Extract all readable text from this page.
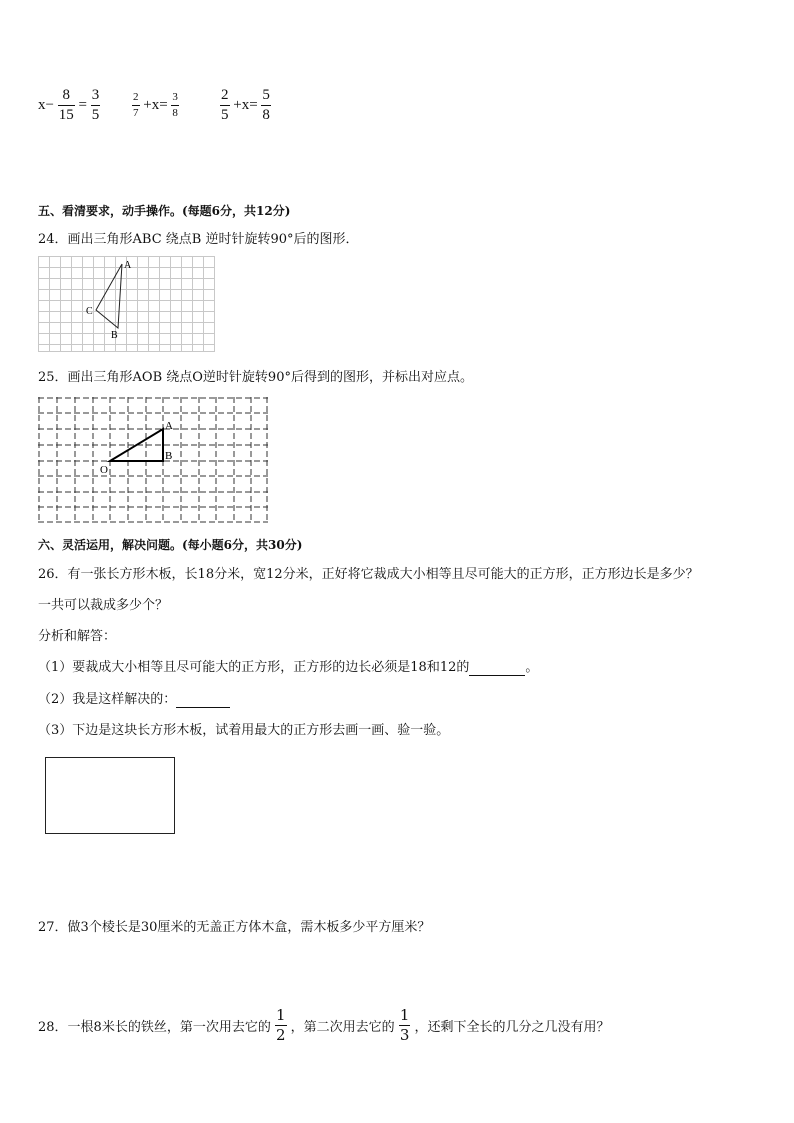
$x- \frac{8}{15} = \frac{3}{5}$	$\frac{2}{7} +x= \frac{3}{8}$	$\frac{2}{5} +x= \frac{5}{8}$
五、看清要求，动手操作。(每题6分，共12分)
24．画出三角形ABC 绕点B 逆时针旋转90°后的图形．
A
C
B
25．画出三角形AOB 绕点O逆时针旋转90°后得到的图形，并标出对应点。
A
B
O
六、灵活运用，解决问题。(每小题6分，共30分)
26．有一张长方形木板，长18分米，宽12分米，正好将它裁成大小相等且尽可能大的正方形，正方形边长是多少？
一共可以裁成多少个？
分析和解答：
（1）要裁成大小相等且尽可能大的正方形，正方形的边长必须是18和12的	。
（2）我是这样解决的：
（3）下边是这块长方形木板，试着用最大的正方形去画一画、验一验。
27．做3个棱长是30厘米的无盖正方体木盒，需木板多少平方厘米？
28．一根8米长的铁丝，第一次用去它的 $\frac{1}{2}$ ，第二次用去它的 $\frac{1}{3}$ ，还剩下全长的几分之几没有用？
